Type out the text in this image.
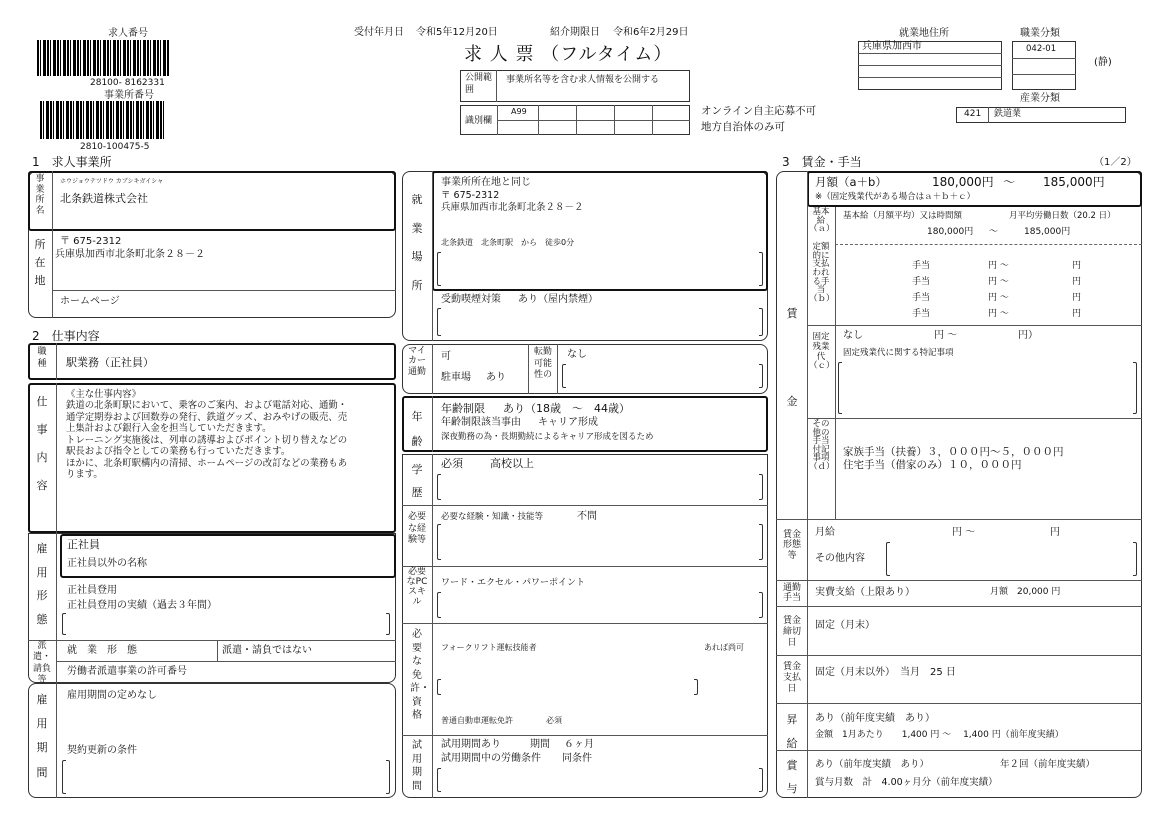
求人番号
28100- 8162331
事業所番号
2810-100475-5
受付年月日 令和5年12月20日	紹介期限日 令和6年2月29日
求 人 票 （フルタイム）
公開範囲
事業所名等を含む求人情報を公開する
識別欄
A99	オンライン自主応募不可
地方自治体のみ可
就業地住所
兵庫県加西市
職業分類
042-01
(静)
産業分類
421 鉄道業
1　求人事業所
事業所名
ホウジョウテツドウ カブシキガイシャ
北条鉄道株式会社
所在地
〒 675-2312
兵庫県加西市北条町北条２８－２
ホームページ
2　仕事内容
職種 駅業務（正社員）
仕事内容
《主な仕事内容》
鉄道の北条町駅において、乗客のご案内、および電話対応、通勤・
通学定期券および回数券の発行、鉄道グッズ、おみやげの販売、売
上集計および銀行入金を担当していただきます。
トレーニング実施後は、列車の誘導およびポイント切り替えなどの
駅長および指令としての業務も行っていただきます。
ほかに、北条町駅構内の清掃、ホームページの改訂などの業務もあ
ります。
雇用形態
正社員
正社員以外の名称
正社員登用
正社員登用の実績（過去３年間）
派遣・請負等
就　業　形　態	派遣・請負ではない
労働者派遣事業の許可番号
雇用期間
雇用期間の定めなし
契約更新の条件
就業場所
事業所所在地と同じ
〒 675-2312
兵庫県加西市北条町北条２８－２
北条鉄道　北条町駅　から　徒歩0分
受動喫煙対策 あり（屋内禁煙）
マイカー通勤
可
駐車場 あり
転勤可能性の
なし
年齢
年齢制限 あり（18歳　〜　44歳）
年齢制限該当事由 キャリア形成
深夜勤務の為・長期勤続によるキャリア形成を図るため
学歴
必須 高校以上
必要な経験等
必要な経験・知識・技能等	不問
必要なPCスキル
ワード・エクセル・パワーポイント
必要な免許・資格
フォークリフト運転技能者	あれば尚可
普通自動車運転免許	必須
試用期間
試用期間あり	期間 ６ヶ月
試用期間中の労働条件 同条件
3　賃金・手当	（1／2）
賃金
月額（a＋b）	180,000円 〜 185,000円
※（固定残業代がある場合はａ＋ｂ＋ｃ）
基本給（ａ）
基本給（月額平均）又は時間額	月平均労働日数（20.2 日）
180,000円 〜	185,000円
定額的に支払われる手当（ｂ）
手当	円 〜	円
手当	円 〜	円
手当	円 〜	円
手当	円 〜	円
固定残業代（ｃ）
なし	円 〜	円）
固定残業代に関する特記事項
その他の手当付記事項（ｄ）
家族手当（扶養）３，０００円〜５，０００円
住宅手当（借家のみ）１０，０００円
賃金形態等
月給	円 〜	円
その他内容
通勤手当
実費支給（上限あり）	月額　20,000 円
賃金締切日
固定（月末）
賃金支払日
固定（月末以外）　当月　25 日
昇給
あり（前年度実績　あり）
金額　1月あたり　　1,400 円 〜　 1,400 円（前年度実績）
賞与
あり（前年度実績　あり）	年２回（前年度実績）
賞与月数　計　4.00ヶ月分（前年度実績）
